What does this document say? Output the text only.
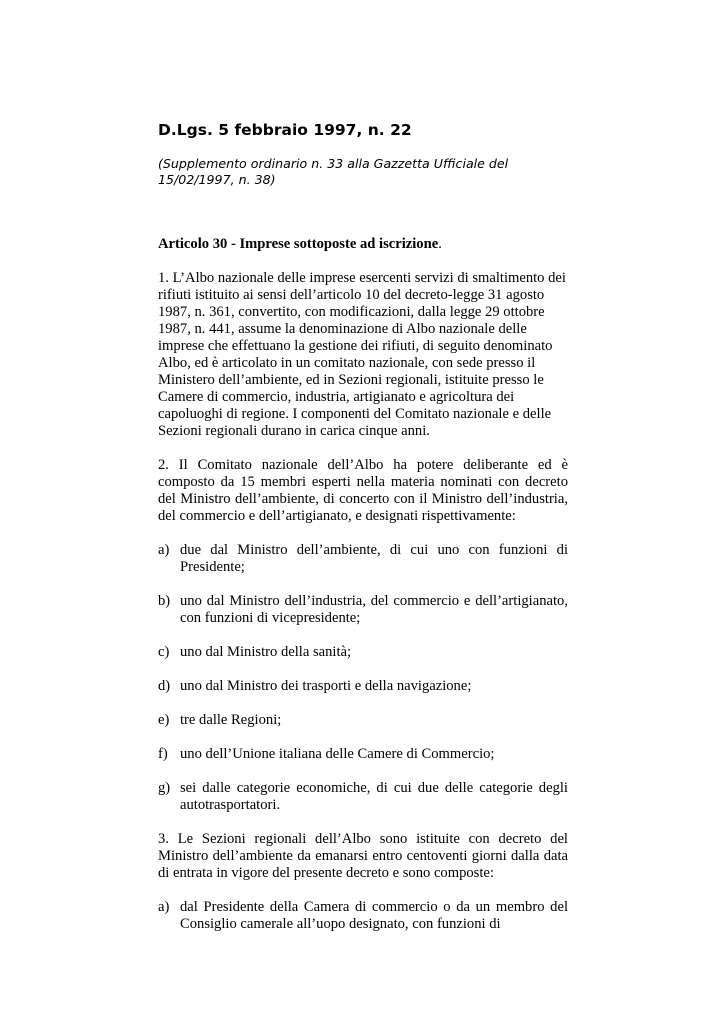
D.Lgs. 5 febbraio 1997, n. 22

(Supplemento ordinario n. 33 alla Gazzetta Ufficiale del 15/02/1997, n. 38)

Articolo 30 - Imprese sottoposte ad iscrizione.

1. L’Albo nazionale delle imprese esercenti servizi di smaltimento dei rifiuti istituito ai sensi dell’articolo 10 del decreto-legge 31 agosto 1987, n. 361, convertito, con modificazioni, dalla legge 29 ottobre 1987, n. 441, assume la denominazione di Albo nazionale delle imprese che effettuano la gestione dei rifiuti, di seguito denominato Albo, ed è articolato in un comitato nazionale, con sede presso il Ministero dell’ambiente, ed in Sezioni regionali, istituite presso le Camere di commercio, industria, artigianato e agricoltura dei capoluoghi di regione. I componenti del Comitato nazionale e delle Sezioni regionali durano in carica cinque anni.

2. Il Comitato nazionale dell’Albo ha potere deliberante ed è composto da 15 membri esperti nella materia nominati con decreto del Ministro dell’ambiente, di concerto con il Ministro dell’industria, del commercio e dell’artigianato, e designati rispettivamente:

a) due dal Ministro dell’ambiente, di cui uno con funzioni di Presidente;
b) uno dal Ministro dell’industria, del commercio e dell’artigianato, con funzioni di vicepresidente;
c) uno dal Ministro della sanità;
d) uno dal Ministro dei trasporti e della navigazione;
e) tre dalle Regioni;
f) uno dell’Unione italiana delle Camere di Commercio;
g) sei dalle categorie economiche, di cui due delle categorie degli autotrasportatori.

3. Le Sezioni regionali dell’Albo sono istituite con decreto del Ministro dell’ambiente da emanarsi entro centoventi giorni dalla data di entrata in vigore del presente decreto e sono composte:

a) dal Presidente della Camera di commercio o da un membro del Consiglio camerale all’uopo designato, con funzioni di
